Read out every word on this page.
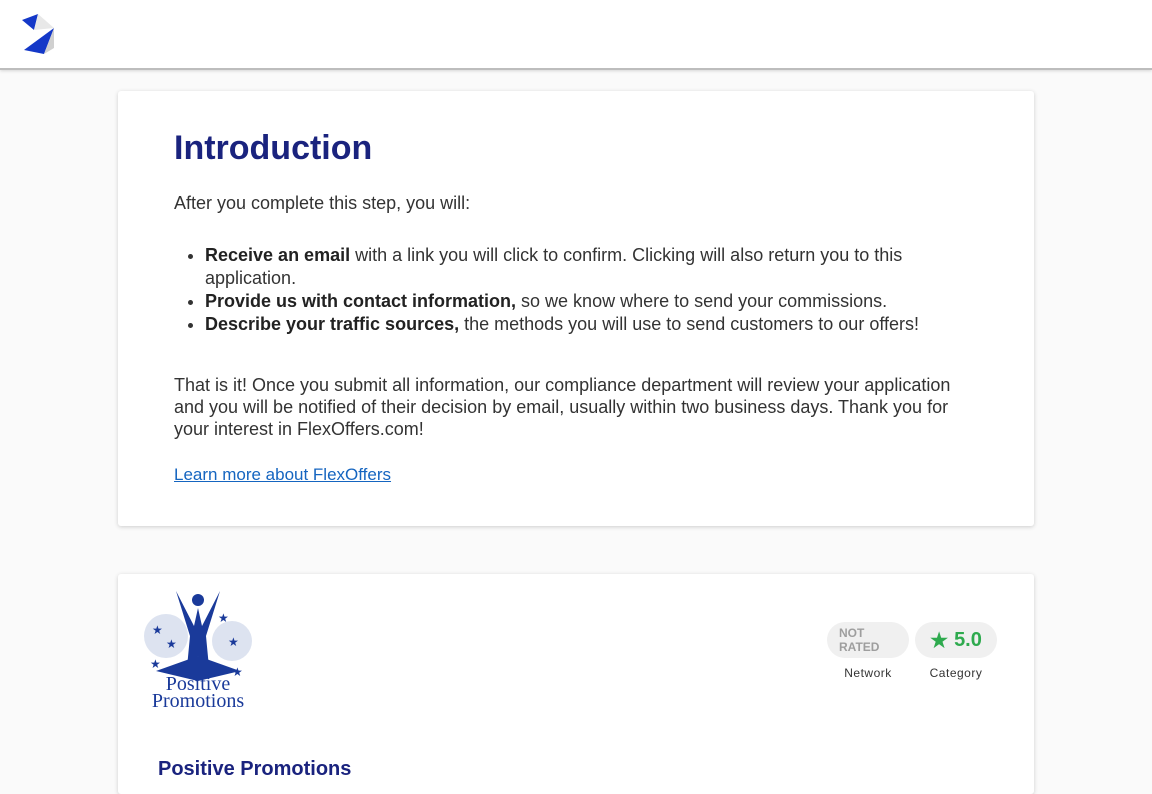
Introduction

After you complete this step, you will:

• Receive an email with a link you will click to confirm. Clicking will also return you to this application.
• Provide us with contact information, so we know where to send your commissions.
• Describe your traffic sources, the methods you will use to send customers to our offers!

That is it! Once you submit all information, our compliance department will review your application and you will be notified of their decision by email, usually within two business days. Thank you for your interest in FlexOffers.com!

Learn more about FlexOffers
★
★
★
★
★
★
Positive
Promotions
NOT RATED
Network
★ 5.0
Category
Positive Promotions
